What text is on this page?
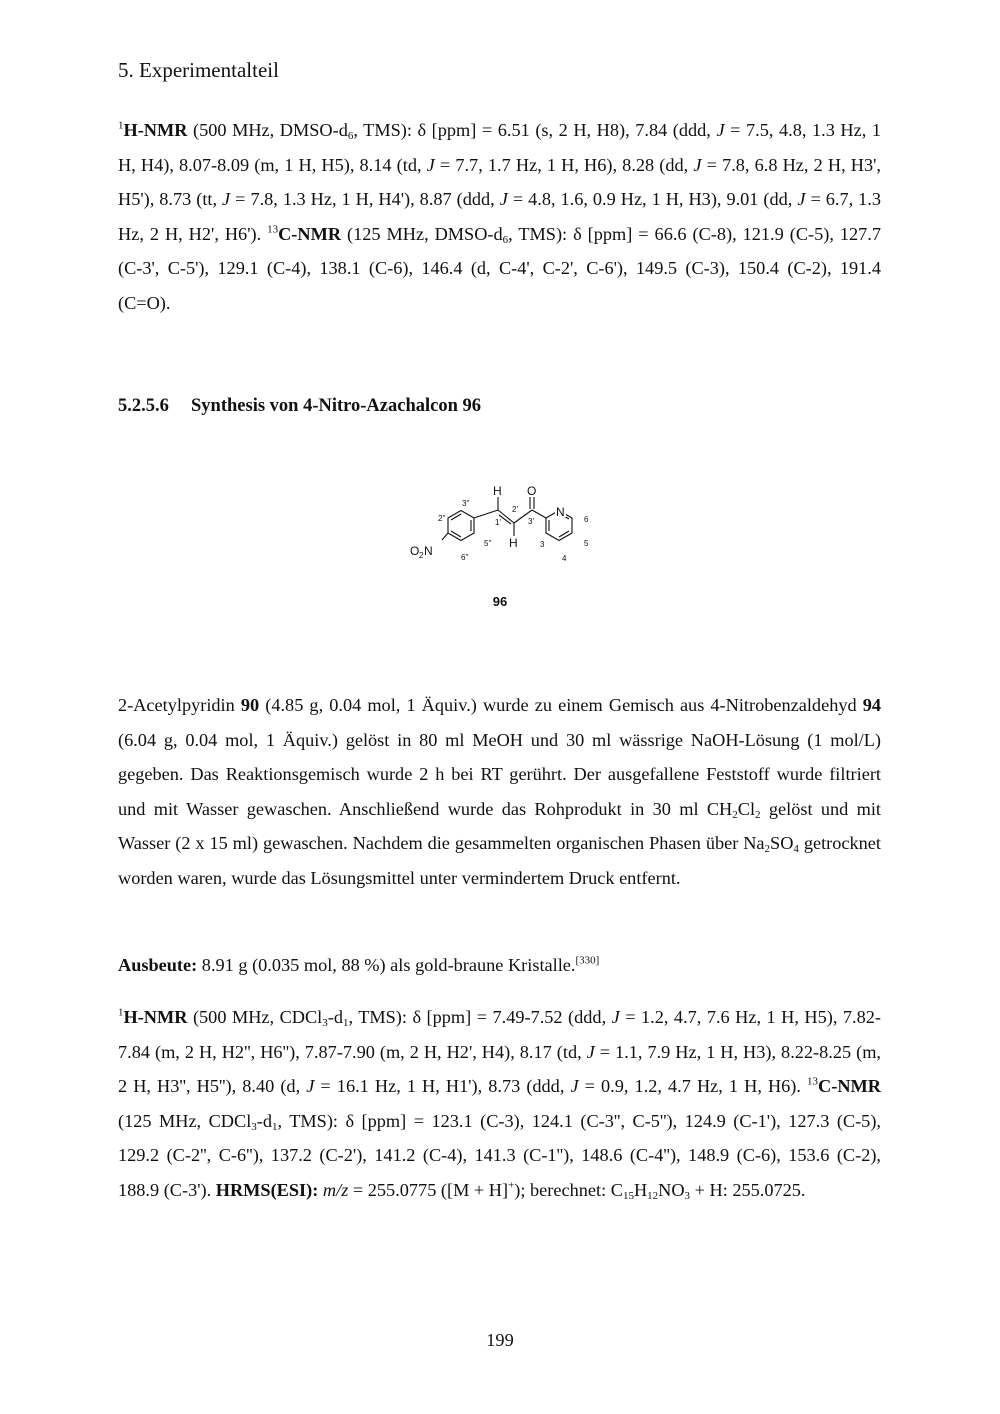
5. Experimentalteil

$^1$H-NMR (500 MHz, DMSO-$d_6$, TMS): δ [ppm] = 6.51 (s, 2 H, H8), 7.84 (ddd, J = 7.5, 4.8, 1.3 Hz, 1 H, H4), 8.07-8.09 (m, 1 H, H5), 8.14 (td, J = 7.7, 1.7 Hz, 1 H, H6), 8.28 (dd, J = 7.8, 6.8 Hz, 2 H, H3', H5'), 8.73 (tt, J = 7.8, 1.3 Hz, 1 H, H4'), 8.87 (ddd, J = 4.8, 1.6, 0.9 Hz, 1 H, H3), 9.01 (dd, J = 6.7, 1.3 Hz, 2 H, H2', H6'). $^{13}$C-NMR (125 MHz, DMSO-$d_6$, TMS): δ [ppm] = 66.6 (C-8), 121.9 (C-5), 127.7 (C-3', C-5'), 129.1 (C-4), 138.1 (C-6), 146.4 (d, C-4', C-2', C-6'), 149.5 (C-3), 150.4 (C-2), 191.4 (C=O).

5.2.5.6 Synthesis von 4-Nitro-Azachalcon 96
H O
H
N
O 2 N
3''
2''
5''
6''
2'
1'	3'	6
5
4
3
96

2-Acetylpyridin 90 (4.85 g, 0.04 mol, 1 Äquiv.) wurde zu einem Gemisch aus 4-Nitrobenzaldehyd 94 (6.04 g, 0.04 mol, 1 Äquiv.) gelöst in 80 ml MeOH und 30 ml wässrige NaOH-Lösung (1 mol/L) gegeben. Das Reaktionsgemisch wurde 2 h bei RT gerührt. Der ausgefallene Feststoff wurde filtriert und mit Wasser gewaschen. Anschließend wurde das Rohprodukt in 30 ml $CH_2Cl_2$ gelöst und mit Wasser (2 x 15 ml) gewaschen. Nachdem die gesammelten organischen Phasen über $Na_2SO_4$ getrocknet worden waren, wurde das Lösungsmittel unter vermindertem Druck entfernt.

Ausbeute: 8.91 g (0.035 mol, 88 %) als gold-braune Kristalle.[330]

$^1$H-NMR (500 MHz, $CDCl_3-d_1$, TMS): δ [ppm] = 7.49-7.52 (ddd, J = 1.2, 4.7, 7.6 Hz, 1 H, H5), 7.82-7.84 (m, 2 H, H2'', H6''), 7.87-7.90 (m, 2 H, H2', H4), 8.17 (td, J = 1.1, 7.9 Hz, 1 H, H3), 8.22-8.25 (m, 2 H, H3'', H5''), 8.40 (d, J = 16.1 Hz, 1 H, H1'), 8.73 (ddd, J = 0.9, 1.2, 4.7 Hz, 1 H, H6). $^{13}$C-NMR (125 MHz, $CDCl_3-d_1$, TMS): δ [ppm] = 123.1 (C-3), 124.1 (C-3'', C-5''), 124.9 (C-1'), 127.3 (C-5), 129.2 (C-2'', C-6''), 137.2 (C-2'), 141.2 (C-4), 141.3 (C-1''), 148.6 (C-4''), 148.9 (C-6), 153.6 (C-2), 188.9 (C-3'). HRMS(ESI): m/z = 255.0775 ([M + H]+); berechnet: $C_{15}H_{12}NO_3 + H$: 255.0725.

199
